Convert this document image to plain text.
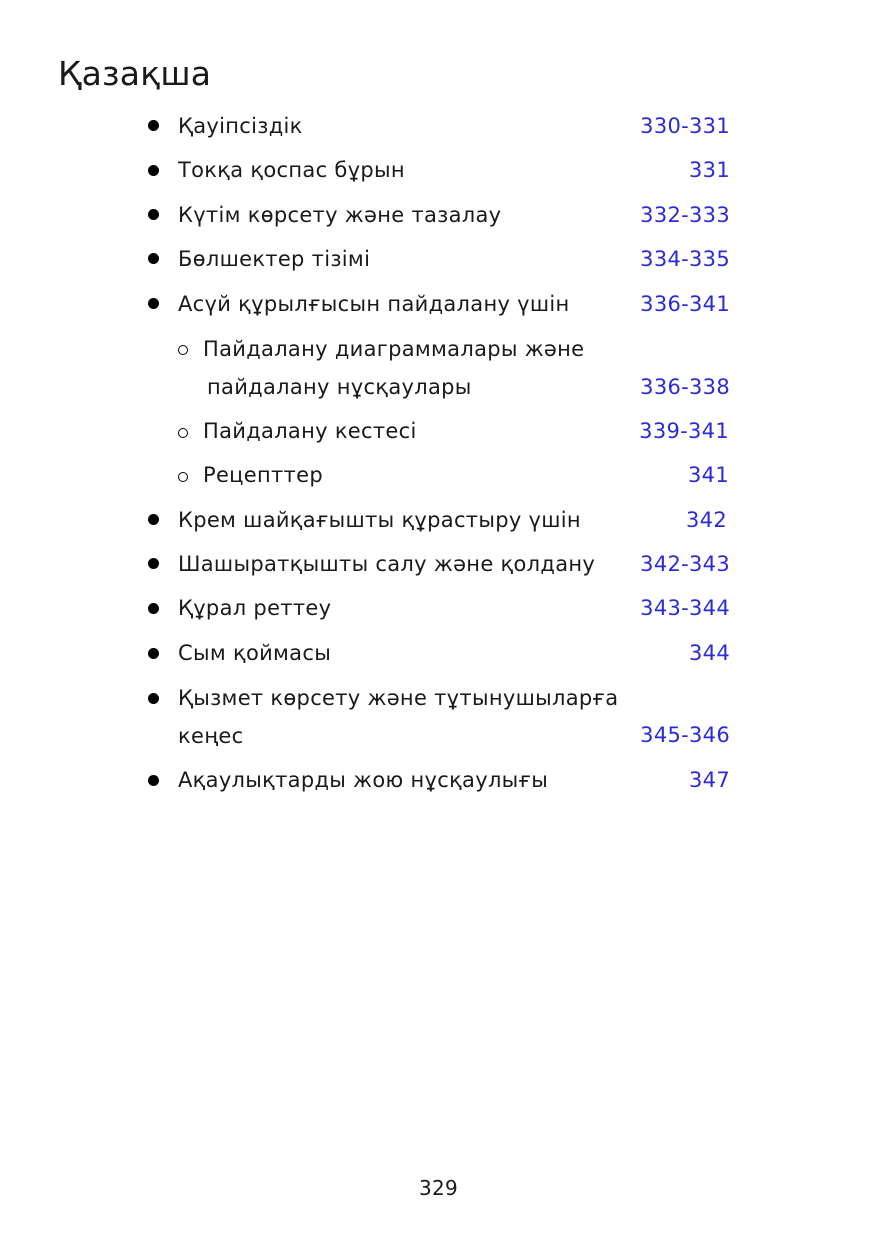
Қазақша
Қауіпсіздік	330-331
Токқа қоспас бұрын	331
Күтім көрсету және тазалау	332-333
Бөлшектер тізімі	334-335
Асүй құрылғысын пайдалану үшін	336-341
Пайдалану диаграммалары және
пайдалану нұсқаулары	336-338
Пайдалану кестесі	339-341
Рецепттер	341
Крем шайқағышты құрастыру үшін	342
Шашыратқышты салу және қолдану 342-343
Құрал реттеу	343-344
Сым қоймасы	344
Қызмет көрсету және тұтынушыларға
кеңес	345-346
Ақаулықтарды жою нұсқаулығы	347
329
